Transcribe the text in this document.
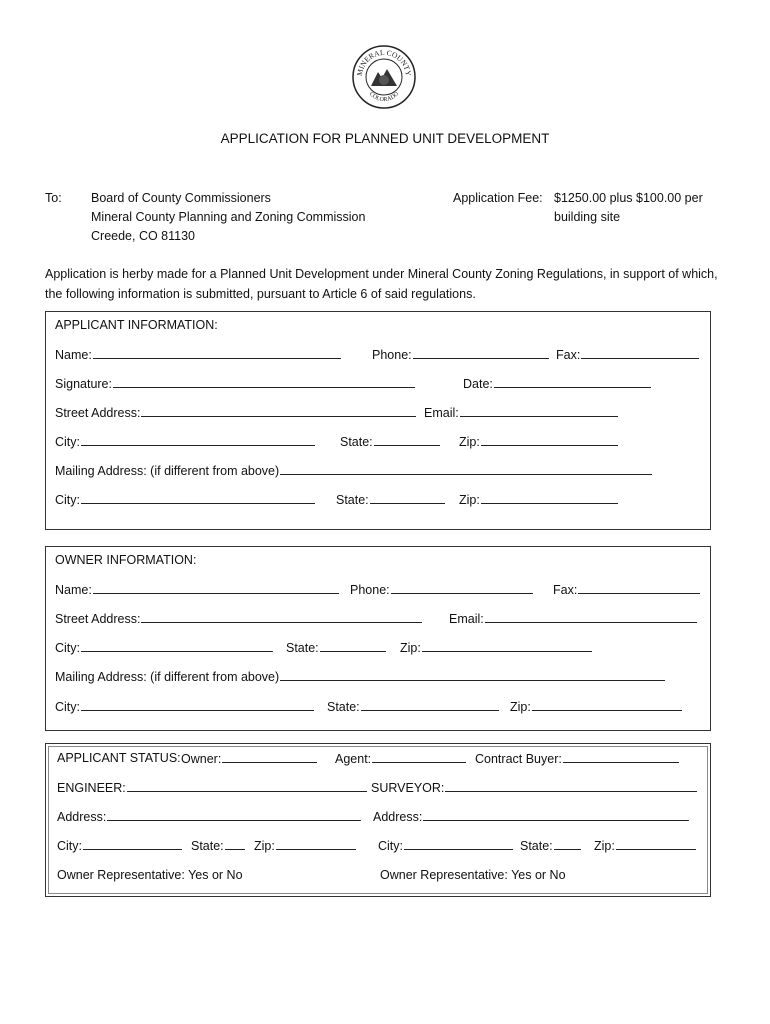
MINERAL COUNTY
COLORADO
APPLICATION FOR PLANNED UNIT DEVELOPMENT
To: Board of County Commissioners
Mineral County Planning and Zoning Commission
Creede, CO 81130
Application Fee: $1250.00 plus $100.00 per
building site
Application is herby made for a Planned Unit Development under Mineral County Zoning Regulations, in support of which, the following information is submitted, pursuant to Article 6 of said regulations.
APPLICANT INFORMATION:
Name:	Phone:	Fax:
Signature:	Date:
Street Address:	Email:
City:	State:	Zip:
Mailing Address: (if different from above)
City:	State:	Zip:
OWNER INFORMATION:
Name:	Phone:	Fax:
Street Address:	Email:
City:	State:	Zip:
Mailing Address: (if different from above)
City:	State:	Zip:
APPLICANT STATUS: Owner:	Agent:	Contract Buyer:
ENGINEER:	SURVEYOR:
Address:	Address:
City:	State:	Zip:	City:	State:	Zip:
Owner Representative: Yes or No	Owner Representative: Yes or No
